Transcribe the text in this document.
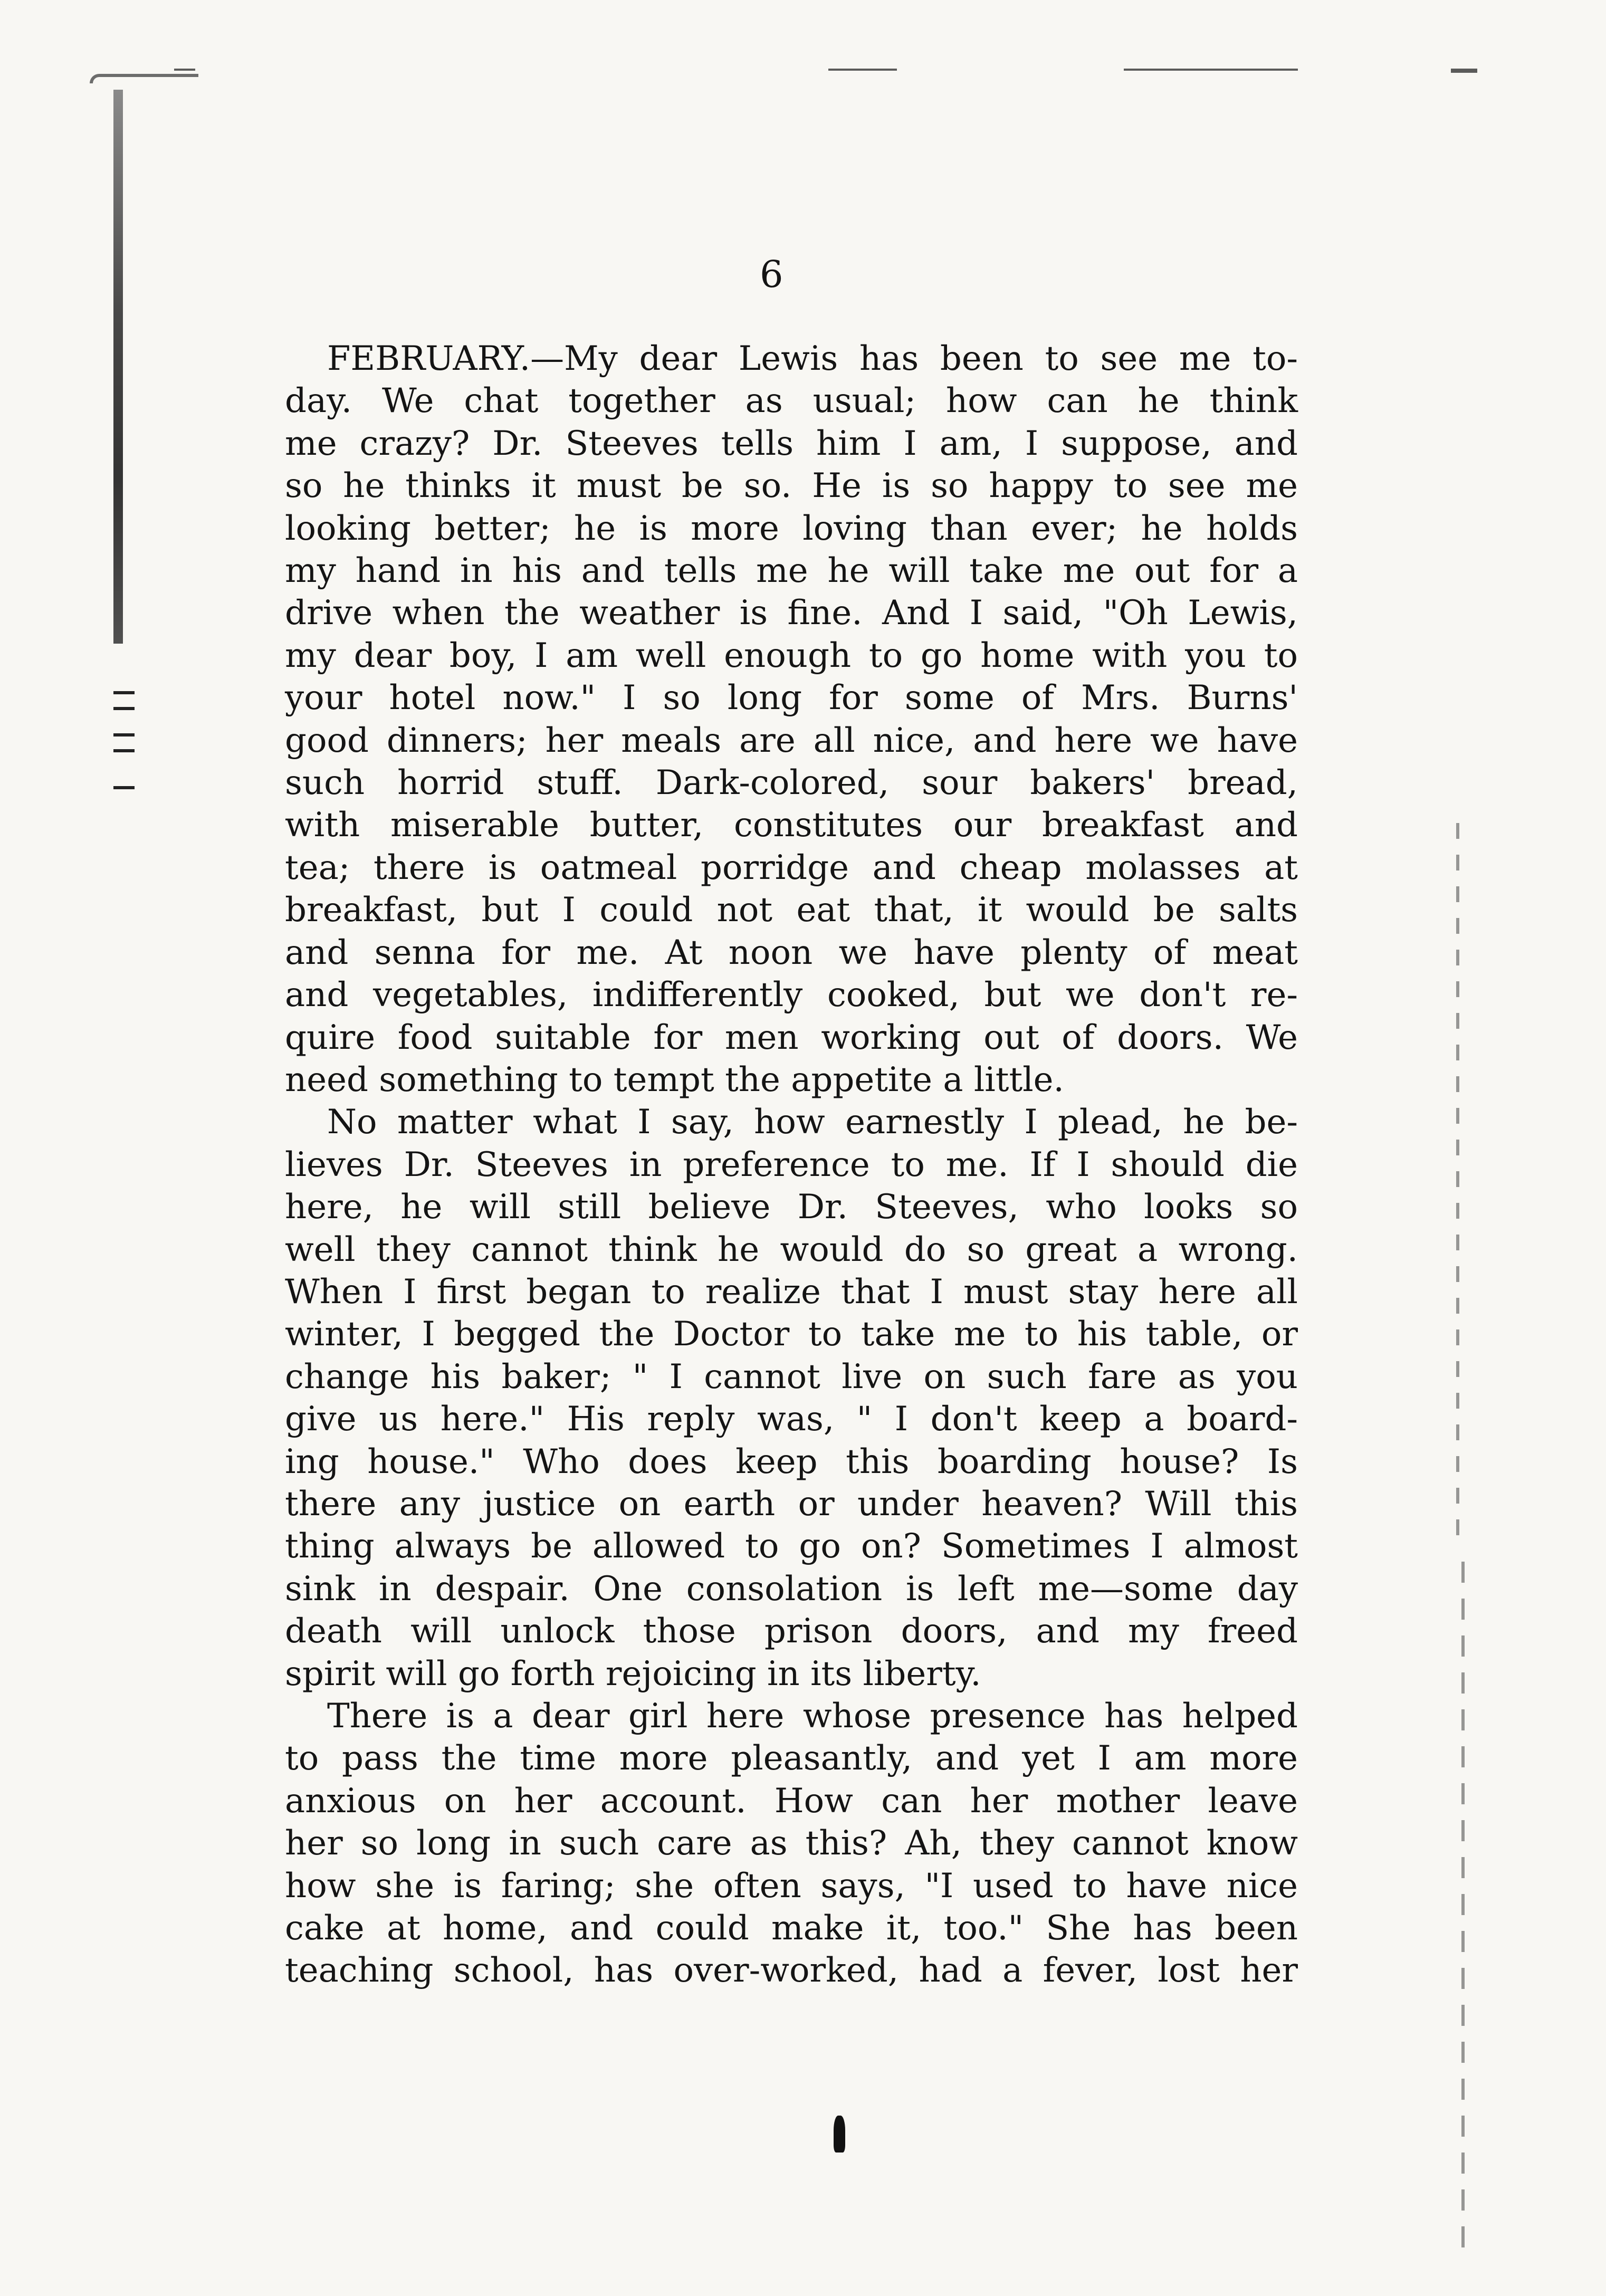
6

FEBRUARY.—My dear Lewis has been to see me to-
day. We chat together as usual; how can he think
me crazy? Dr. Steeves tells him I am, I suppose, and
so he thinks it must be so. He is so happy to see me
looking better; he is more loving than ever; he holds
my hand in his and tells me he will take me out for a
drive when the weather is fine. And I said, "Oh Lewis,
my dear boy, I am well enough to go home with you to
your hotel now." I so long for some of Mrs. Burns'
good dinners; her meals are all nice, and here we have
such horrid stuff. Dark-colored, sour bakers' bread,
with miserable butter, constitutes our breakfast and
tea; there is oatmeal porridge and cheap molasses at
breakfast, but I could not eat that, it would be salts
and senna for me. At noon we have plenty of meat
and vegetables, indifferently cooked, but we don't re-
quire food suitable for men working out of doors. We
need something to tempt the appetite a little.

No matter what I say, how earnestly I plead, he be-
lieves Dr. Steeves in preference to me. If I should die
here, he will still believe Dr. Steeves, who looks so
well they cannot think he would do so great a wrong.
When I first began to realize that I must stay here all
winter, I begged the Doctor to take me to his table, or
change his baker; " I cannot live on such fare as you
give us here." His reply was, " I don't keep a board-
ing house." Who does keep this boarding house? Is
there any justice on earth or under heaven? Will this
thing always be allowed to go on? Sometimes I almost
sink in despair. One consolation is left me—some day
death will unlock those prison doors, and my freed
spirit will go forth rejoicing in its liberty.

There is a dear girl here whose presence has helped
to pass the time more pleasantly, and yet I am more
anxious on her account. How can her mother leave
her so long in such care as this? Ah, they cannot know
how she is faring; she often says, "I used to have nice
cake at home, and could make it, too." She has been
teaching school, has over-worked, had a fever, lost her
